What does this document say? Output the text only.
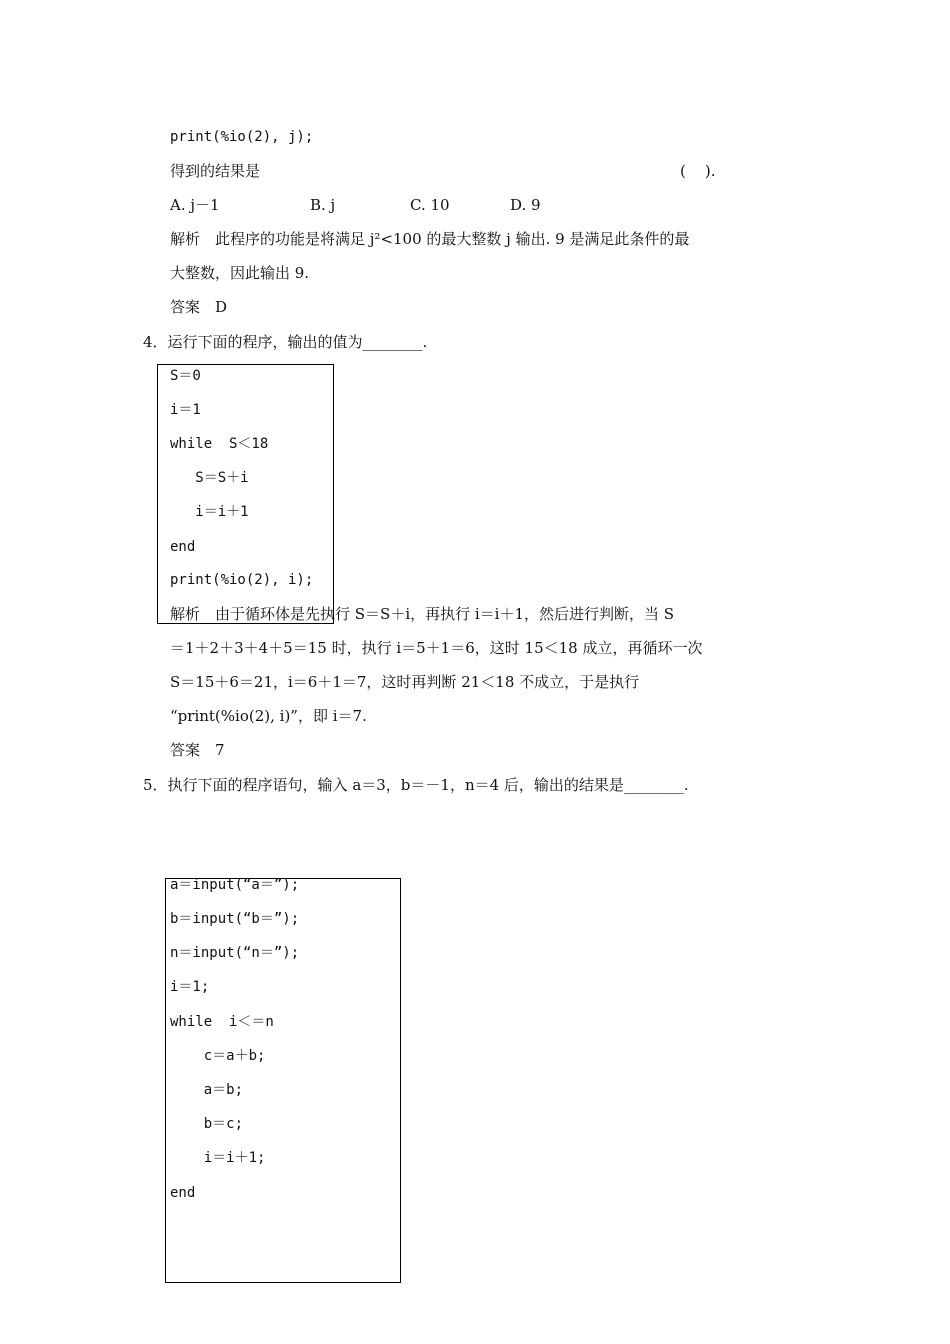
print(%io(2), j);
得到的结果是	(    ).
A. j－1	B. j	C. 10	D. 9
解析　此程序的功能是将满足 j²<100 的最大整数 j 输出. 9 是满足此条件的最
大整数，因此输出 9.
答案　D
4．运行下面的程序，输出的值为________.
S＝0
i＝1
while  S＜18
S＝S＋i
i＝i＋1
end
print(%io(2), i);
解析　由于循环体是先执行 S＝S＋i，再执行 i＝i＋1，然后进行判断，当 S
＝1＋2＋3＋4＋5＝15 时，执行 i＝5＋1＝6，这时 15＜18 成立，再循环一次
S＝15＋6＝21，i＝6＋1＝7，这时再判断 21＜18 不成立，于是执行
“print(%io(2), i)”，即 i＝7.
答案　7
5．执行下面的程序语句，输入 a＝3，b＝－1，n＝4 后，输出的结果是________.
a＝input(“a＝”);
b＝input(“b＝”);
n＝input(“n＝”);
i＝1;
while  i＜＝n
c＝a＋b;
a＝b;
b＝c;
i＝i＋1;
end
